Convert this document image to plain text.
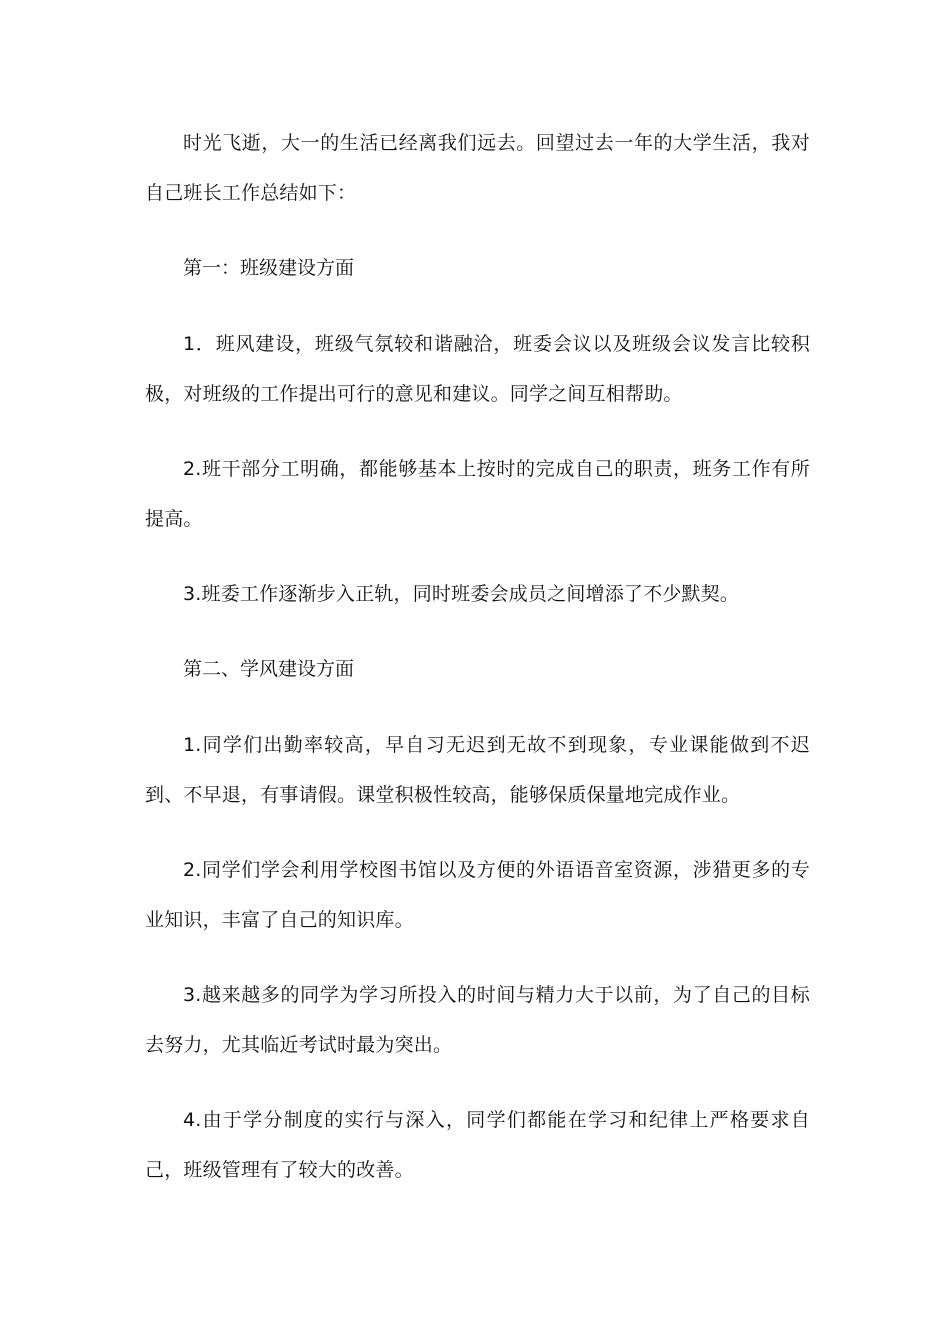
时光飞逝，大一的生活已经离我们远去。回望过去一年的大学生活，我对自己班长工作总结如下：

第一：班级建设方面

1．班风建设，班级气氛较和谐融洽，班委会议以及班级会议发言比较积极，对班级的工作提出可行的意见和建议。同学之间互相帮助。

2.班干部分工明确，都能够基本上按时的完成自己的职责，班务工作有所提高。

3.班委工作逐渐步入正轨，同时班委会成员之间增添了不少默契。

第二、学风建设方面

1.同学们出勤率较高，早自习无迟到无故不到现象，专业课能做到不迟到、不早退，有事请假。课堂积极性较高，能够保质保量地完成作业。

2.同学们学会利用学校图书馆以及方便的外语语音室资源，涉猎更多的专业知识，丰富了自己的知识库。

3.越来越多的同学为学习所投入的时间与精力大于以前，为了自己的目标去努力，尤其临近考试时最为突出。

4.由于学分制度的实行与深入，同学们都能在学习和纪律上严格要求自己，班级管理有了较大的改善。
